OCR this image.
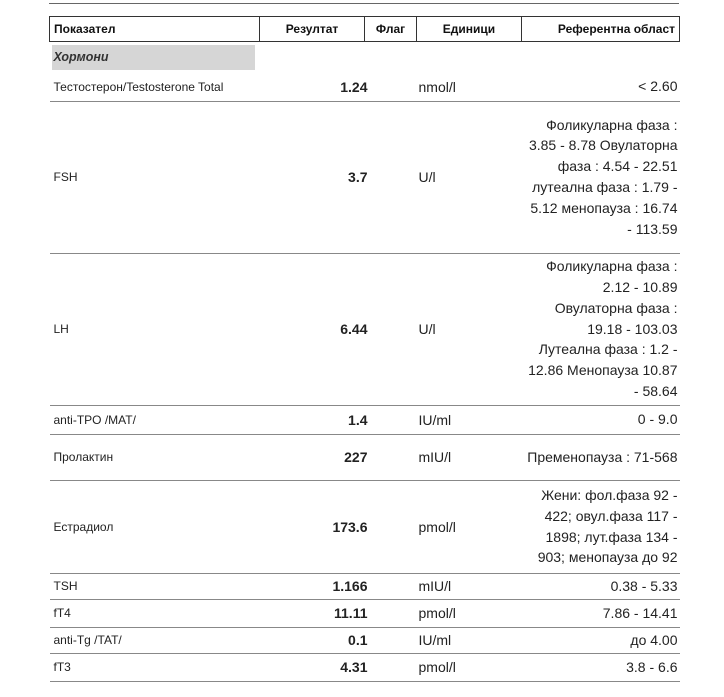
Показател	Резултат	Флаг	Единици	Референтна област

Хормони				

Тестостерон/Testosterone Total	1.24		nmol/l	< 2.60
FSH	3.7		U/l	Фоликуларна фаза : 3.85 - 8.78 Овулаторна фаза : 4.54 - 22.51 лутеална фаза : 1.79 - 5.12 менопауза : 16.74 - 113.59
LH	6.44		U/l	Фоликуларна фаза : 2.12 - 10.89 Овулаторна фаза : 19.18 - 103.03 Лутеална фаза : 1.2 - 12.86 Менопауза 10.87 - 58.64
anti-TPO /MAT/	1.4		IU/ml	0 - 9.0
Пролактин	227		mIU/l	Пременопауза : 71-568
Естрадиол	173.6		pmol/l	Жени: фол.фаза 92 - 422; овул.фаза 117 - 1898; лут.фаза 134 - 903; менопауза до 92
TSH	1.166		mIU/l	0.38 - 5.33
fT4	11.11		pmol/l	7.86 - 14.41
anti-Tg /TAT/	0.1		IU/ml	до 4.00
fT3	4.31		pmol/l	3.8 - 6.6
